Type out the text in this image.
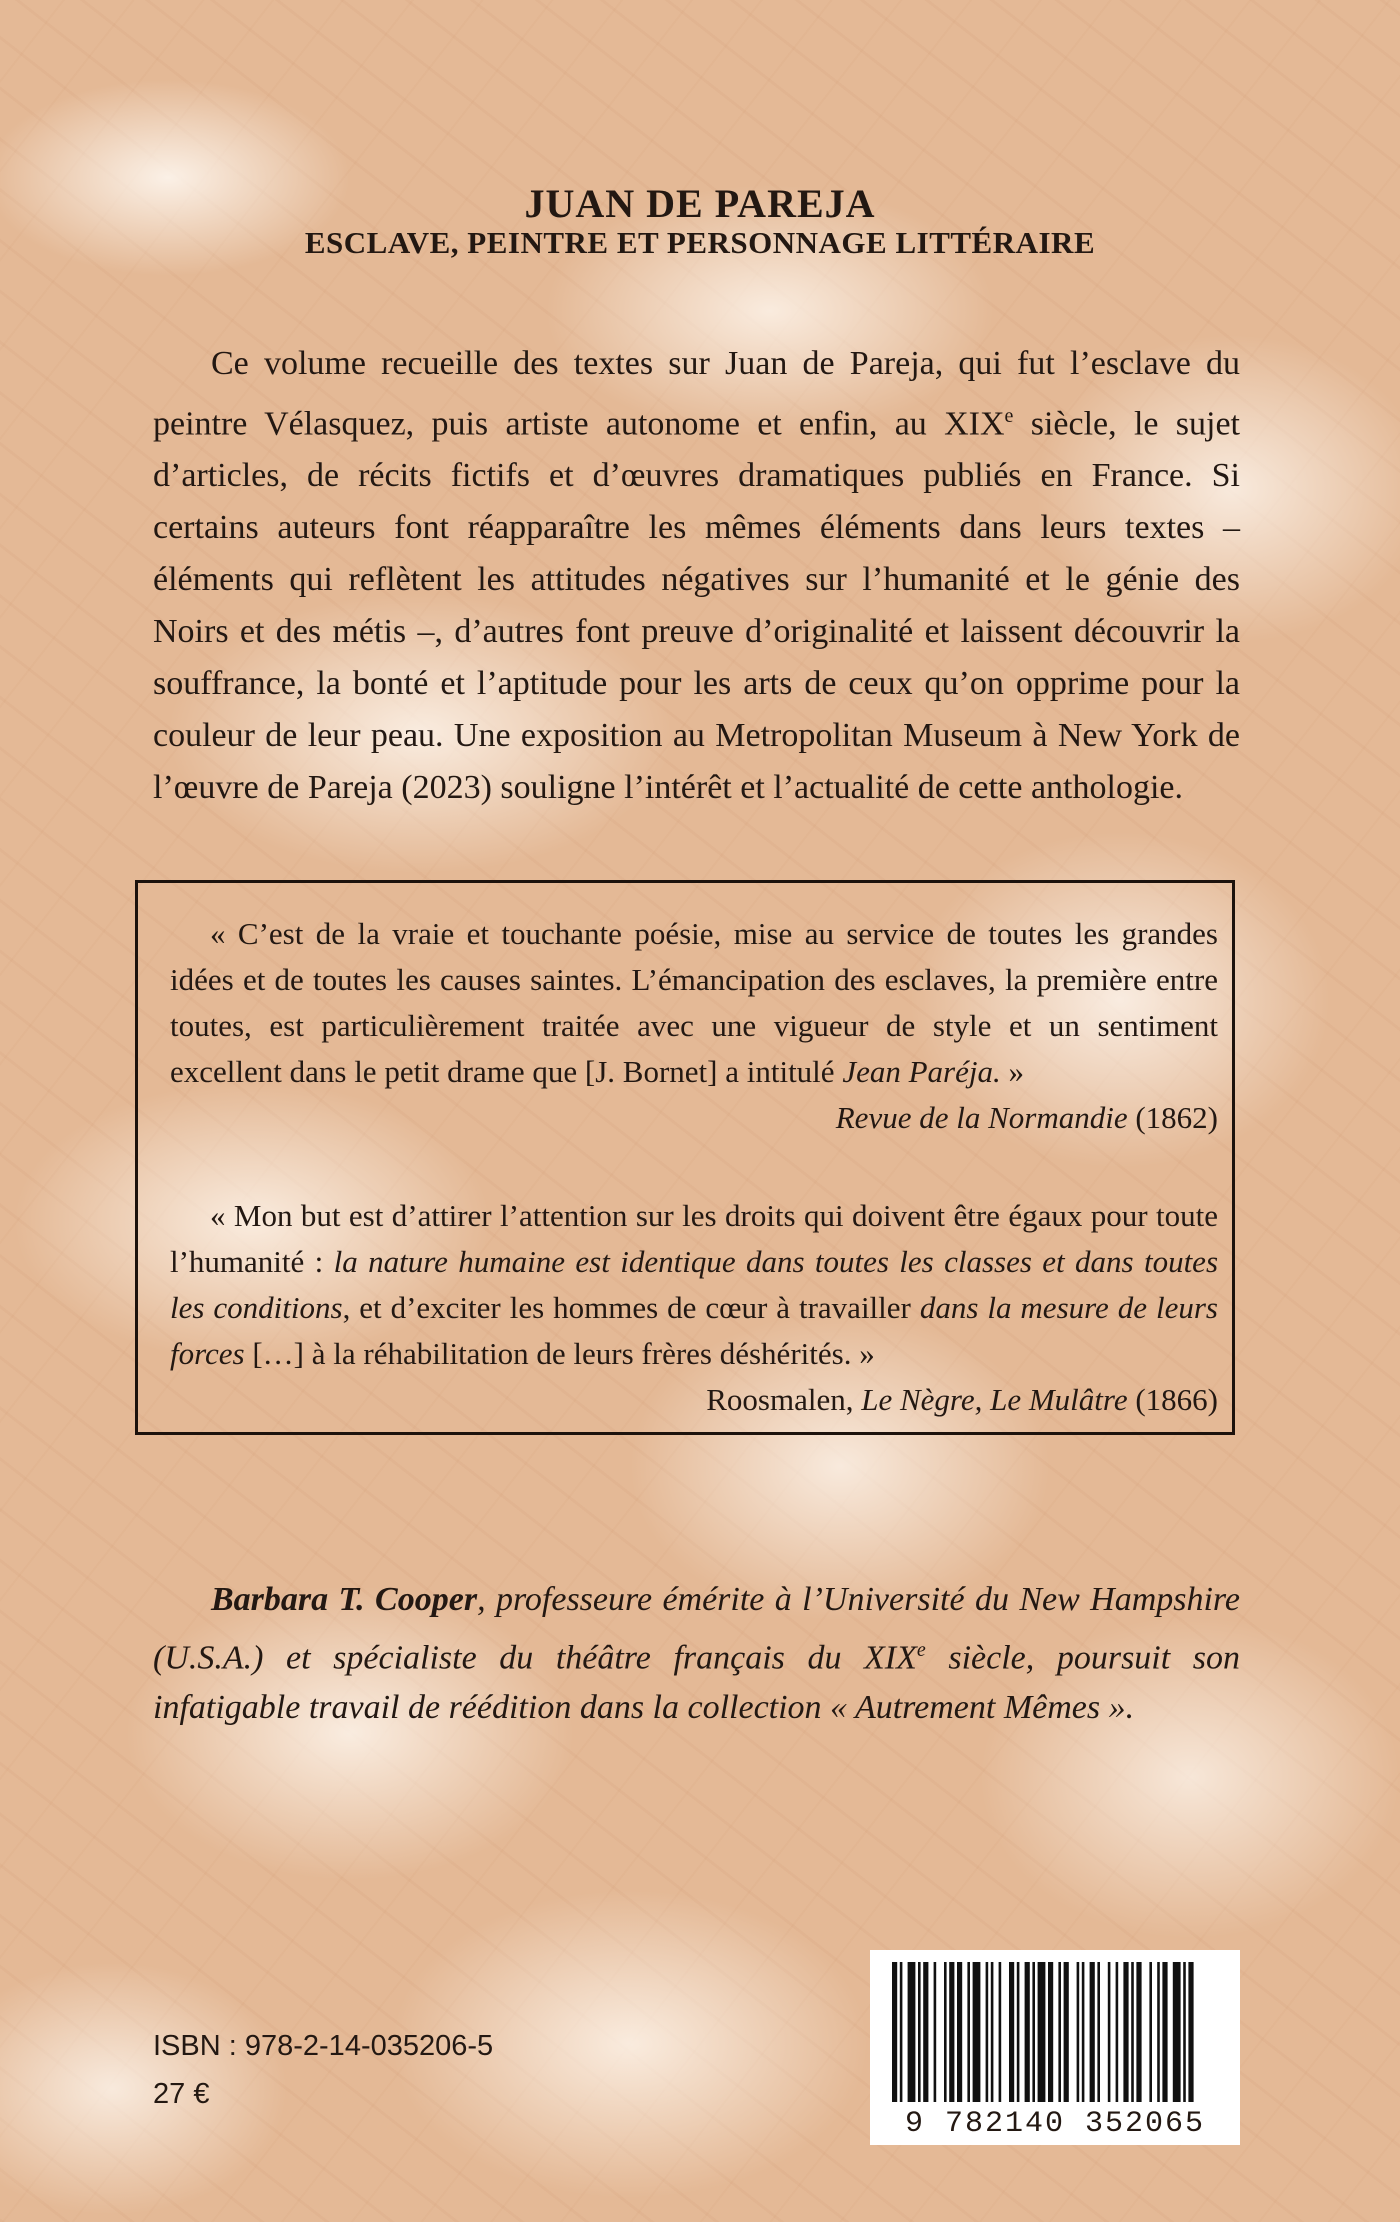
JUAN DE PAREJA
ESCLAVE, PEINTRE ET PERSONNAGE LITTÉRAIRE

Ce volume recueille des textes sur Juan de Pareja, qui fut l’esclave du peintre Vélasquez, puis artiste autonome et enfin, au XIXe siècle, le sujet d’articles, de récits fictifs et d’œuvres dramatiques publiés en France. Si certains auteurs font réapparaître les mêmes éléments dans leurs textes – éléments qui reflètent les attitudes négatives sur l’humanité et le génie des Noirs et des métis –, d’autres font preuve d’originalité et laissent découvrir la souffrance, la bonté et l’aptitude pour les arts de ceux qu’on opprime pour la couleur de leur peau. Une exposition au Metropolitan Museum à New York de l’œuvre de Pareja (2023) souligne l’intérêt et l’actualité de cette anthologie.

« C’est de la vraie et touchante poésie, mise au service de toutes les grandes idées et de toutes les causes saintes. L’émancipation des esclaves, la première entre toutes, est particulièrement traitée avec une vigueur de style et un sentiment excellent dans le petit drame que [J. Bornet] a intitulé Jean Paréja. »

Revue de la Normandie (1862)

« Mon but est d’attirer l’attention sur les droits qui doivent être égaux pour toute l’humanité : la nature humaine est identique dans toutes les classes et dans toutes les conditions, et d’exciter les hommes de cœur à travailler dans la mesure de leurs forces […] à la réhabilitation de leurs frères déshérités. »

Roosmalen, Le Nègre, Le Mulâtre (1866)

Barbara T. Cooper, professeure émérite à l’Université du New Hampshire (U.S.A.) et spécialiste du théâtre français du XIXe siècle, poursuit son infatigable travail de réédition dans la collection « Autrement Mêmes ».

ISBN : 978-2-14-035206-5
27 €
9 782140 352065
